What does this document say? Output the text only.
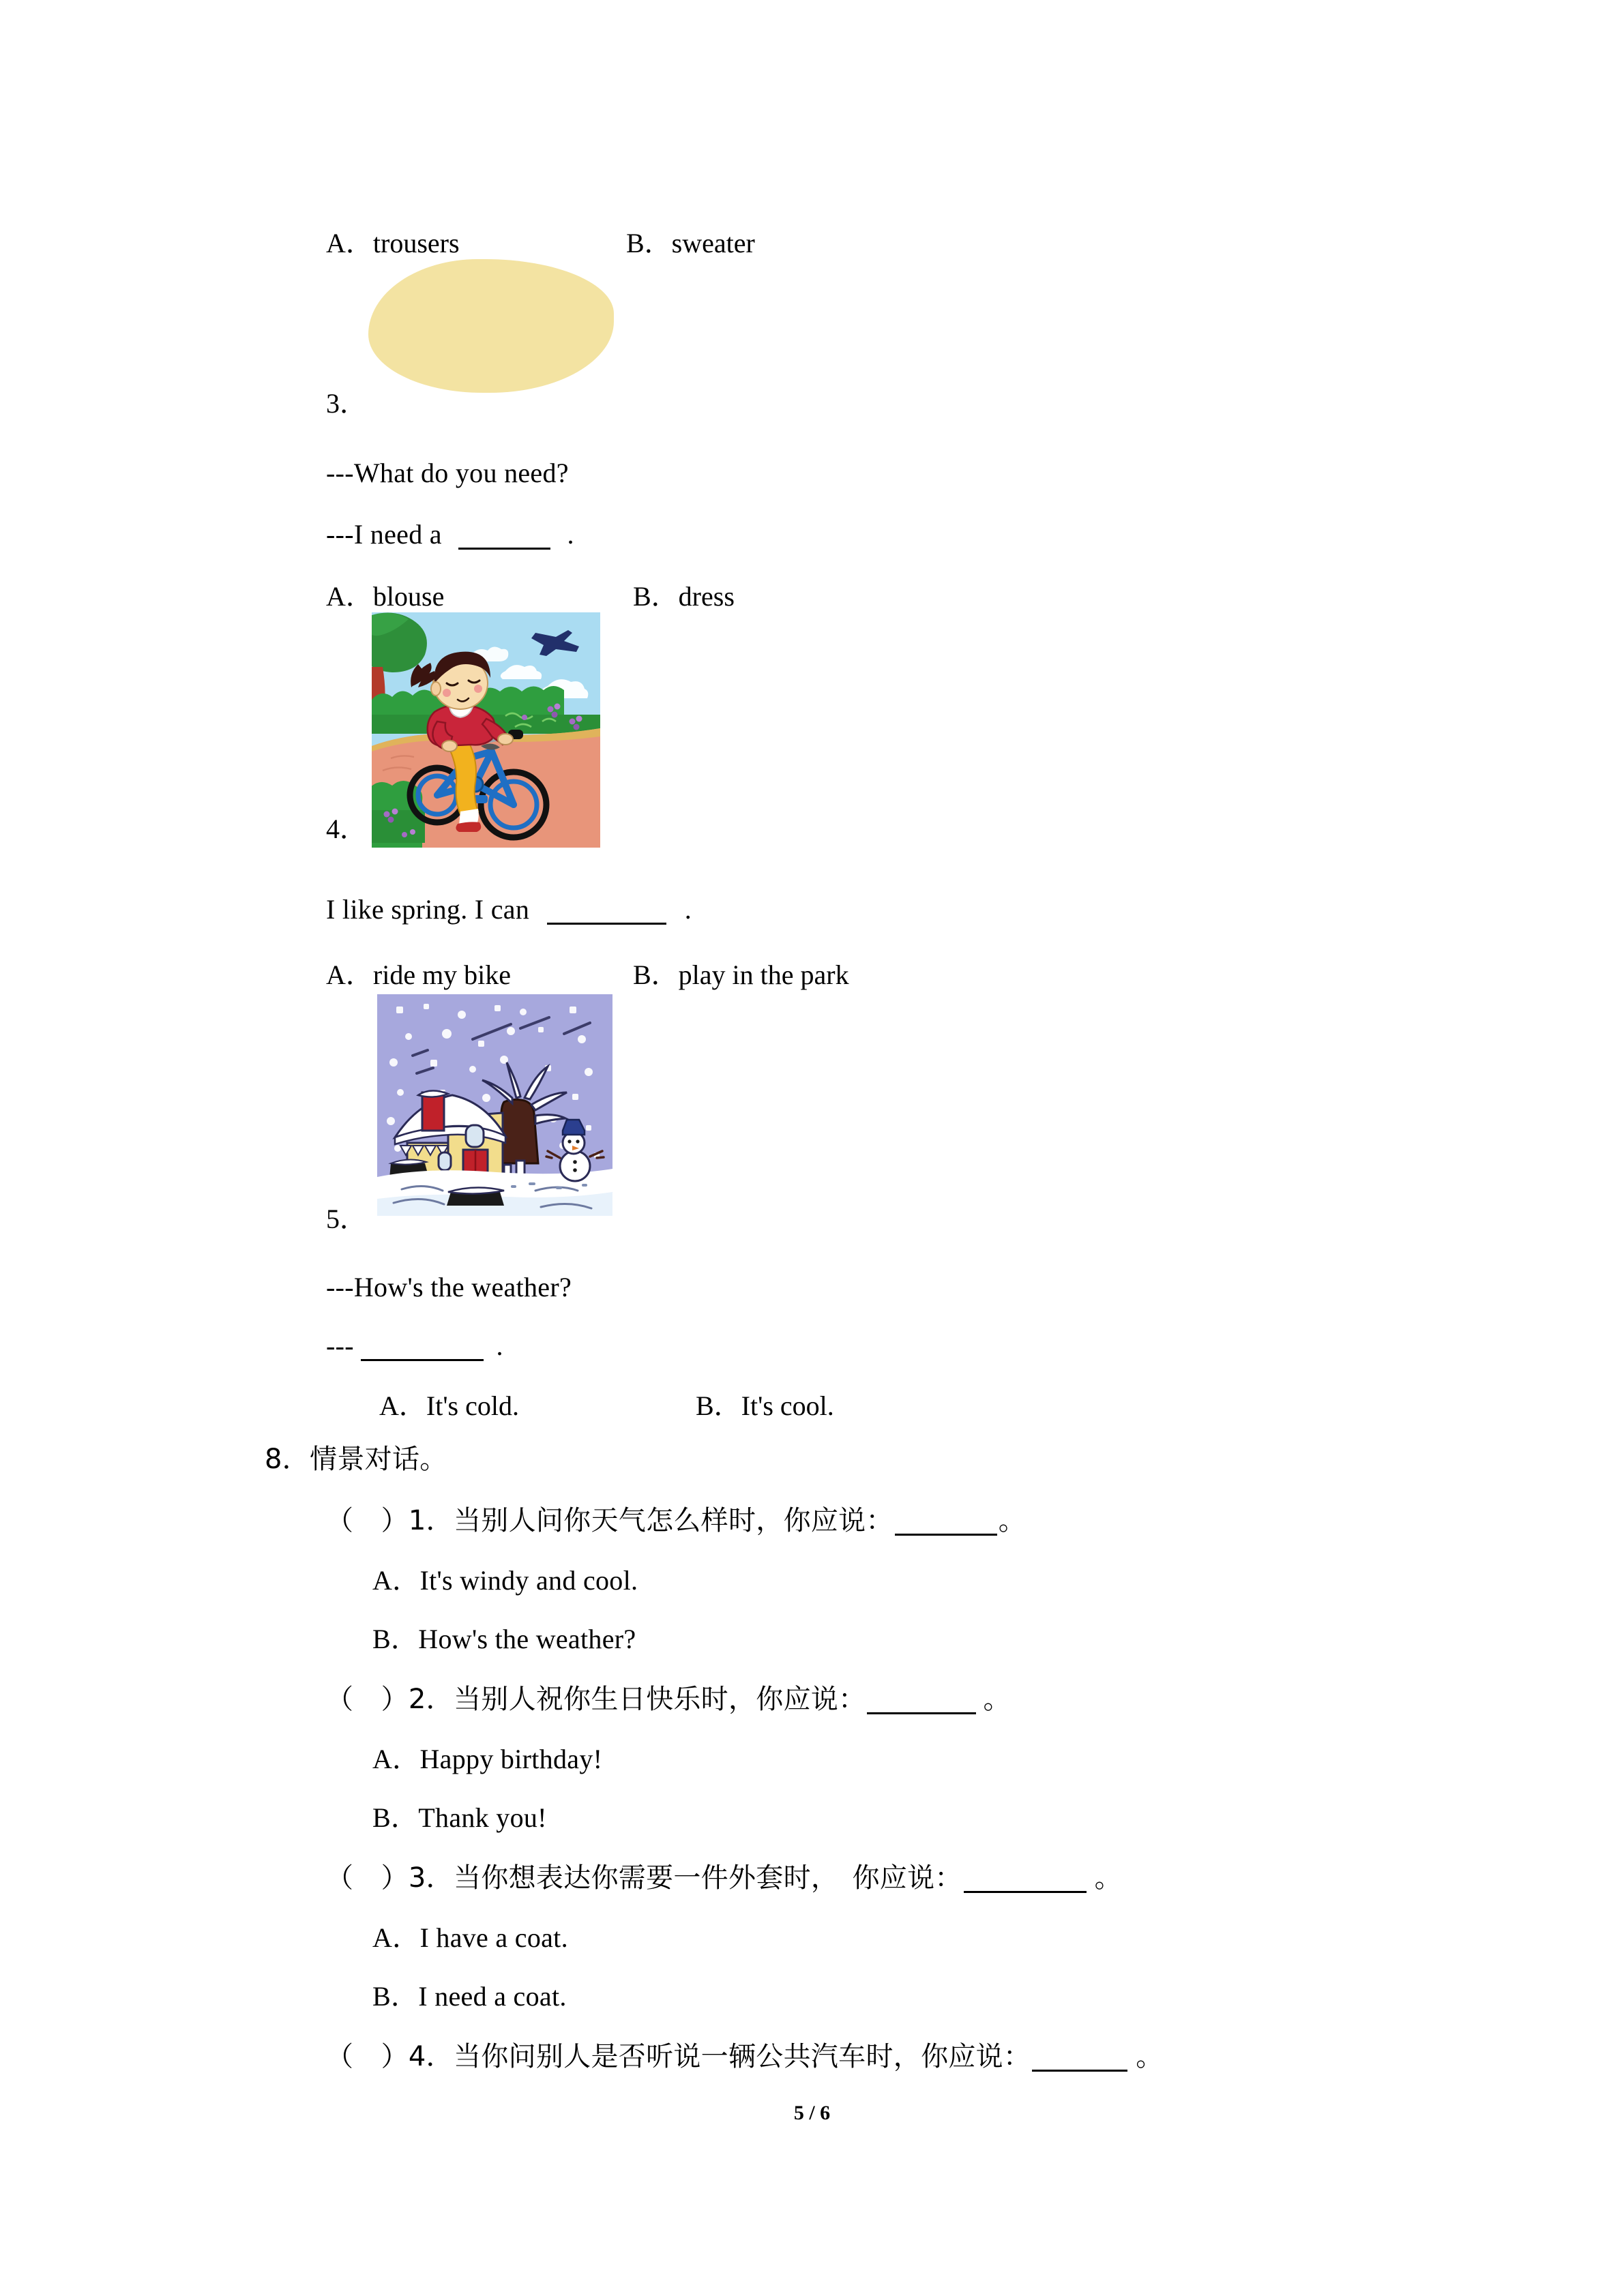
A．trousers	B．sweater
3．
---What do you need?
---I need a	.
A．blouse	B．dress
4．
I like spring. I can	.
A．ride my bike	B．play in the park
5．
---How's the weather?
---	.
A．It's cold.	B．It's cool.
8．情景对话。
（　）1．当别人问你天气怎么样时，你应说：	。
A．It's windy and cool.
B．How's the weather?
（　）2．当别人祝你生日快乐时，你应说：	。
A．Happy birthday!
B．Thank you!
（　）3．当你想表达你需要一件外套时，　你应说：	。
A．I have a coat.
B．I need a coat.
（　）4．当你问别人是否听说一辆公共汽车时，你应说：	。
5 / 6
